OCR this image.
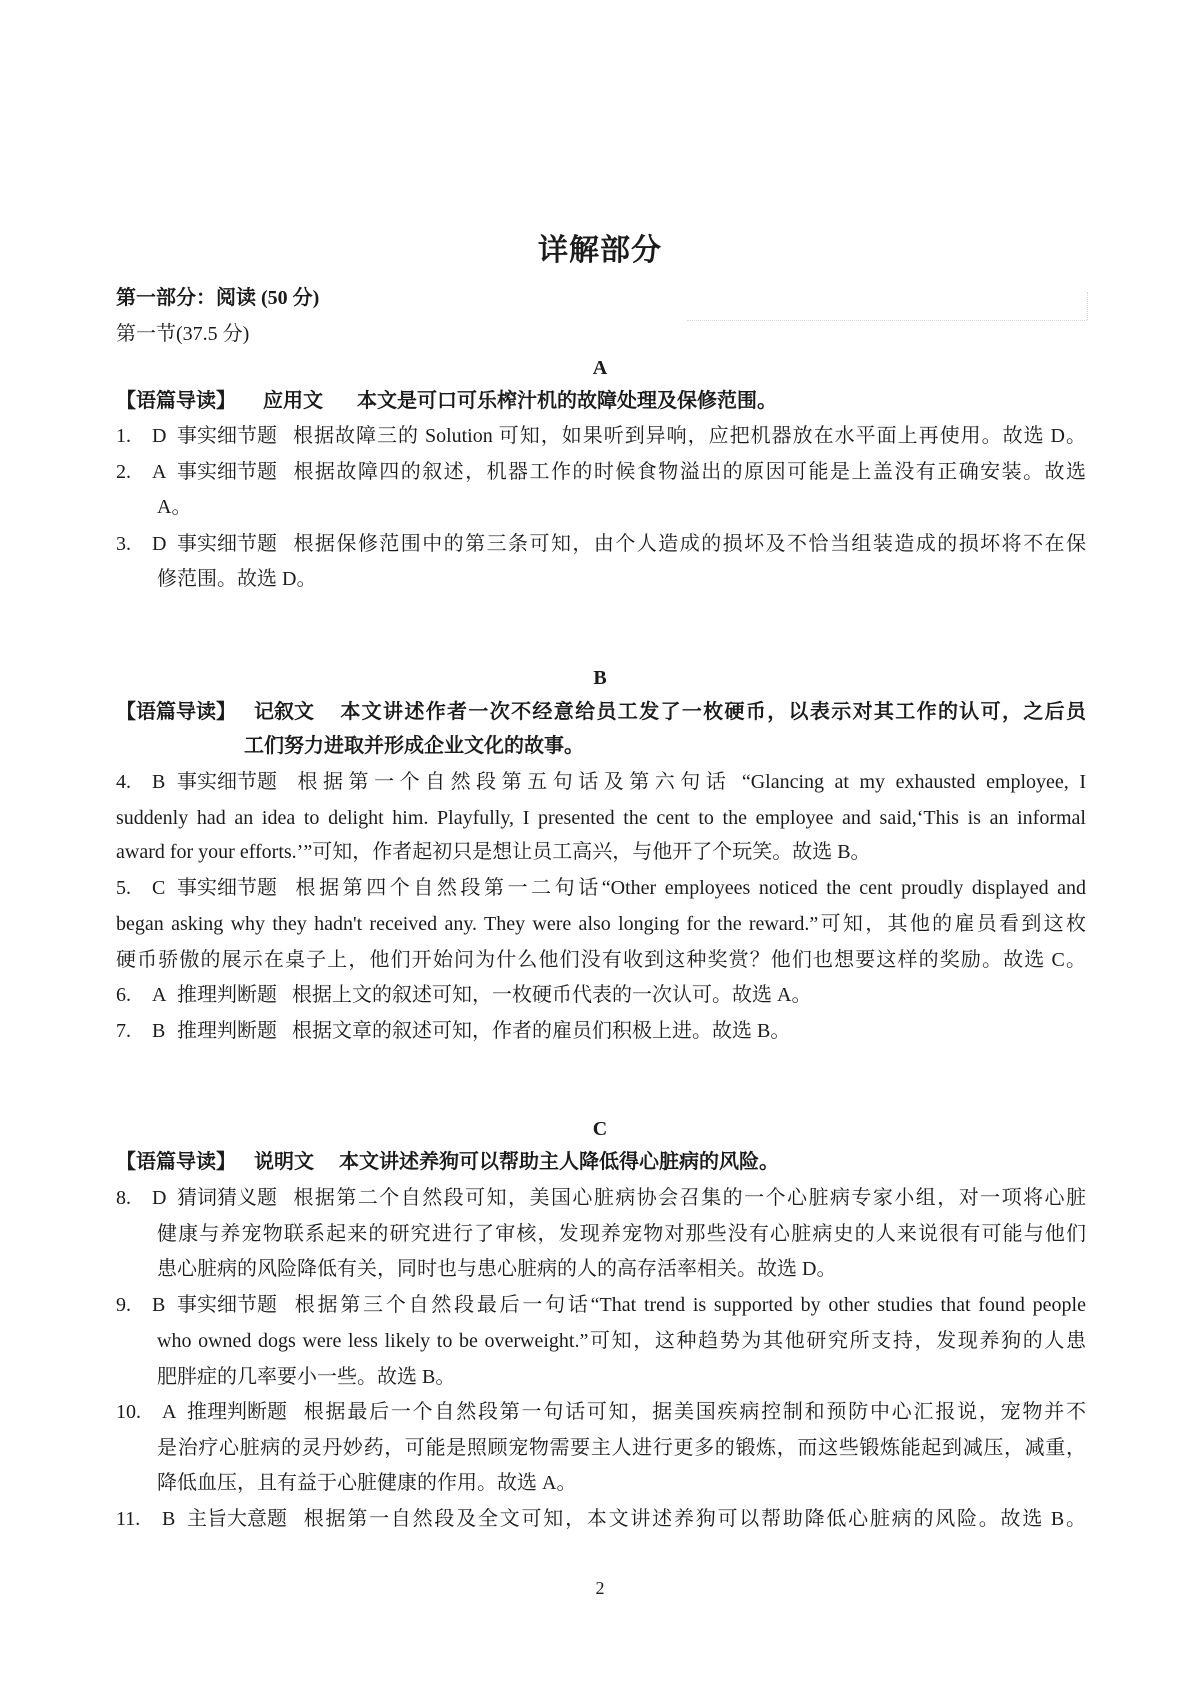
详解部分
第一部分：阅读 (50 分)
第一节(37.5 分)
A
【语篇导读】 应用文 本文是可口可乐榨汁机的故障处理及保修范围。
1. D 事实细节题 根据故障三的 Solution 可知，如果听到异响，应把机器放在水平面上再使用。故选 D。
2. A 事实细节题 根据故障四的叙述，机器工作的时候食物溢出的原因可能是上盖没有正确安装。故选
A。
3. D 事实细节题 根据保修范围中的第三条可知，由个人造成的损坏及不恰当组装造成的损坏将不在保
修范围。故选 D。
B
【语篇导读】 记叙文 本文讲述作者一次不经意给员工发了一枚硬币，以表示对其工作的认可，之后员
工们努力进取并形成企业文化的故事。
4. B 事实细节题 根据第一个自然段第五句话及第六句话 “Glancing at my exhausted employee, I
suddenly had an idea to delight him. Playfully, I presented the cent to the employee and said,‘This is an informal
award for your efforts.’”可知，作者起初只是想让员工高兴，与他开了个玩笑。故选 B。
5. C 事实细节题 根据第四个自然段第一二句话“Other employees noticed the cent proudly displayed and
began asking why they hadn't received any. They were also longing for the reward.”可知，其他的雇员看到这枚
硬币骄傲的展示在桌子上，他们开始问为什么他们没有收到这种奖赏？他们也想要这样的奖励。故选 C。
6. A 推理判断题 根据上文的叙述可知，一枚硬币代表的一次认可。故选 A。
7. B 推理判断题 根据文章的叙述可知，作者的雇员们积极上进。故选 B。
C
【语篇导读】 说明文 本文讲述养狗可以帮助主人降低得心脏病的风险。
8. D 猜词猜义题 根据第二个自然段可知，美国心脏病协会召集的一个心脏病专家小组，对一项将心脏
健康与养宠物联系起来的研究进行了审核，发现养宠物对那些没有心脏病史的人来说很有可能与他们
患心脏病的风险降低有关，同时也与患心脏病的人的高存活率相关。故选 D。
9. B 事实细节题 根据第三个自然段最后一句话“That trend is supported by other studies that found people
who owned dogs were less likely to be overweight.”可知，这种趋势为其他研究所支持，发现养狗的人患
肥胖症的几率要小一些。故选 B。
10. A 推理判断题 根据最后一个自然段第一句话可知，据美国疾病控制和预防中心汇报说，宠物并不
是治疗心脏病的灵丹妙药，可能是照顾宠物需要主人进行更多的锻炼，而这些锻炼能起到减压，减重，
降低血压，且有益于心脏健康的作用。故选 A。
11. B 主旨大意题 根据第一自然段及全文可知，本文讲述养狗可以帮助降低心脏病的风险。故选 B。
2
